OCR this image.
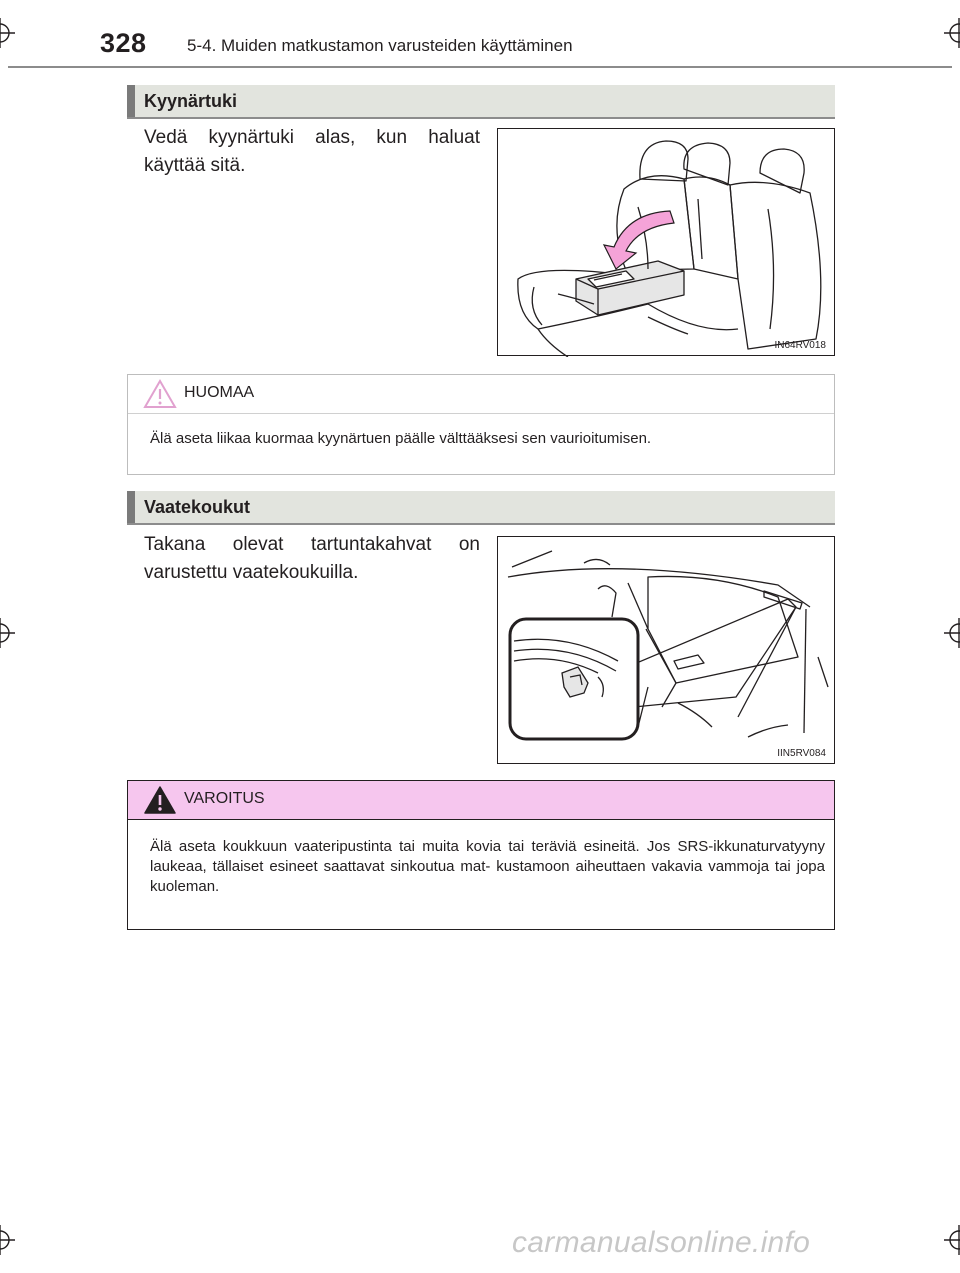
328 5-4. Muiden matkustamon varusteiden käyttäminen
Kyynärtuki
Vedä kyynärtuki alas, kun haluat käyttää sitä.
IN64RV018
HUOMAA
Älä aseta liikaa kuormaa kyynärtuen päälle välttääksesi sen vaurioitumisen.
Vaatekoukut
Takana olevat tartuntakahvat on varustettu vaatekoukuilla.
IIN5RV084
VAROITUS
Älä aseta koukkuun vaateripustinta tai muita kovia tai teräviä esineitä. Jos SRS-ikkunaturvatyyny laukeaa, tällaiset esineet saattavat sinkoutua mat- kustamoon aiheuttaen vakavia vammoja tai jopa kuoleman.
carmanualsonline.info
